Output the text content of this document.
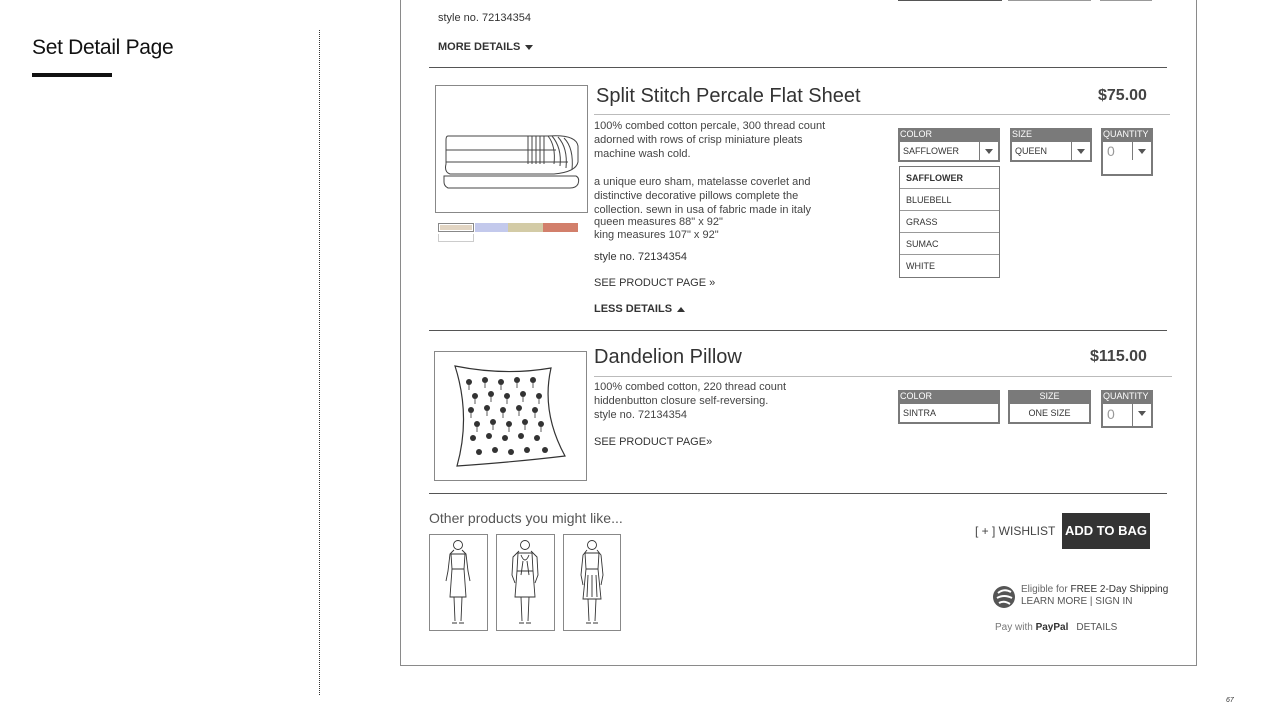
Set Detail Page
67
style no. 72134354
MORE DETAILS
Split Stitch Percale Flat Sheet	$75.00
100% combed cotton percale, 300 thread count
adorned with rows of crisp miniature pleats
machine wash cold.
a unique euro sham, matelasse coverlet and
distinctive decorative pillows complete the
collection. sewn in usa of fabric made in italy
queen measures 88" x 92"
king measures 107" x 92"
style no. 72134354
SEE PRODUCT PAGE »
LESS DETAILS
COLOR
SAFFLOWER
SAFFLOWER
BLUEBELL
GRASS
SUMAC
WHITE
SIZE
QUEEN
QUANTITY
0
Dandelion Pillow	$115.00
100% combed cotton, 220 thread count
hiddenbutton closure self-reversing.
style no. 72134354
SEE PRODUCT PAGE»
COLOR
SINTRA
SIZE
ONE SIZE
QUANTITY
0
Other products you might like...
[ + ] WISHLIST ADD TO BAG
Eligible for FREE 2-Day Shipping
LEARN MORE | SIGN IN
Pay with PayPal DETAILS
